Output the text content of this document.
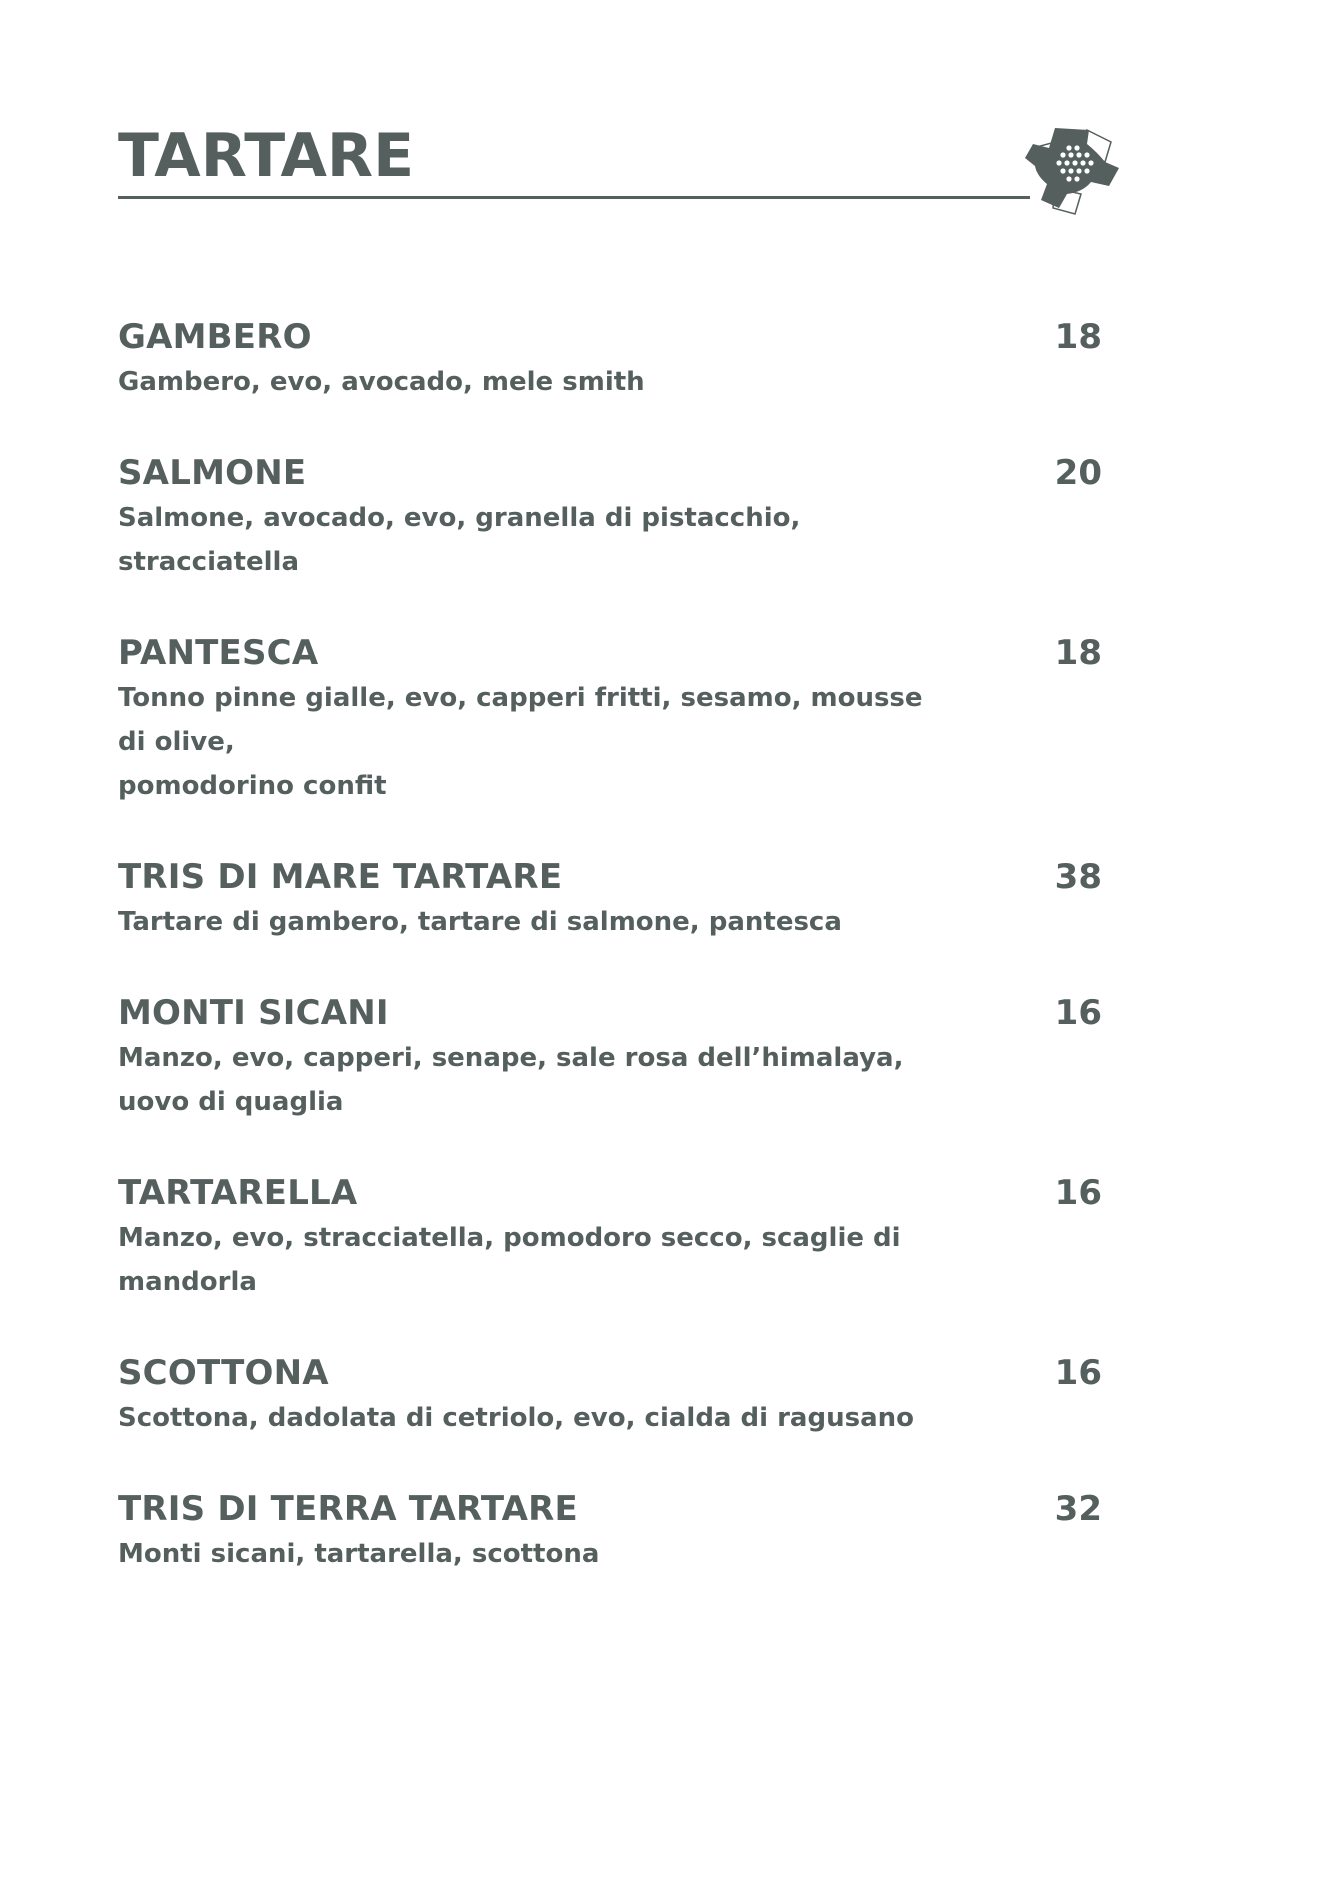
TARTARE
GAMBERO	18
Gambero, evo, avocado, mele smith
SALMONE	20
Salmone, avocado, evo, granella di pistacchio, stracciatella
PANTESCA	18
Tonno pinne gialle, evo, capperi fritti, sesamo, mousse di olive,
pomodorino confit
TRIS DI MARE TARTARE	38
Tartare di gambero, tartare di salmone, pantesca
MONTI SICANI	16
Manzo, evo, capperi, senape, sale rosa dell’himalaya,
uovo di quaglia
TARTARELLA	16
Manzo, evo, stracciatella, pomodoro secco, scaglie di mandorla
SCOTTONA	16
Scottona, dadolata di cetriolo, evo, cialda di ragusano
TRIS DI TERRA TARTARE	32
Monti sicani, tartarella, scottona
